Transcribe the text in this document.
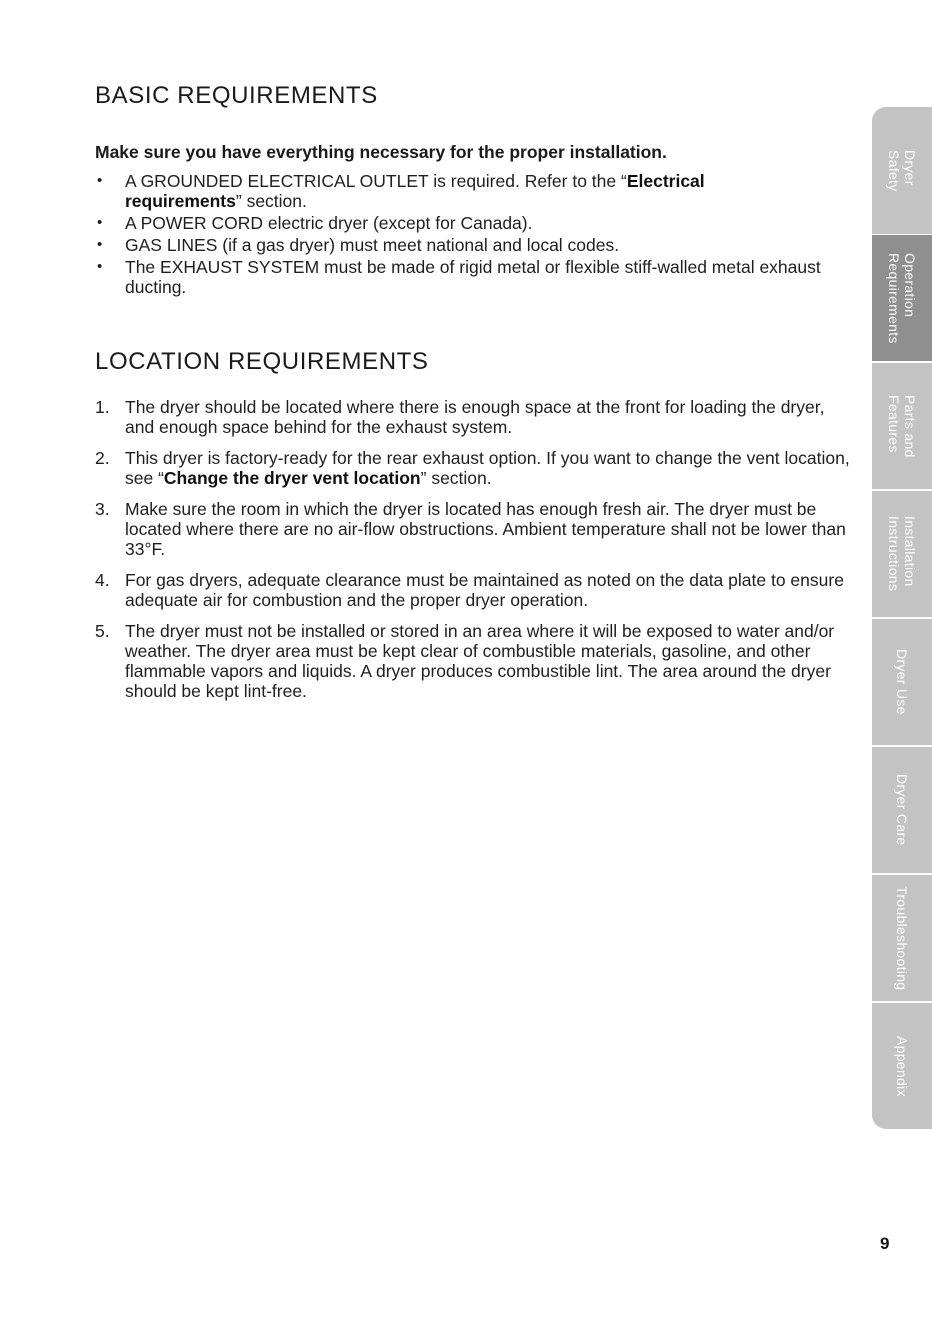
BASIC REQUIREMENTS

Make sure you have everything necessary for the proper installation.

• A GROUNDED ELECTRICAL OUTLET is required. Refer to the “Electrical requirements” section.
• A POWER CORD electric dryer (except for Canada).
• GAS LINES (if a gas dryer) must meet national and local codes.
• The EXHAUST SYSTEM must be made of rigid metal or flexible stiff-walled metal exhaust ducting.
LOCATION REQUIREMENTS
1. The dryer should be located where there is enough space at the front for loading the dryer, and enough space behind for the exhaust system.
2. This dryer is factory-ready for the rear exhaust option. If you want to change the vent location, see “Change the dryer vent location” section.
3. Make sure the room in which the dryer is located has enough fresh air. The dryer must be located where there are no air-flow obstructions. Ambient temperature shall not be lower than 33°F.
4. For gas dryers, adequate clearance must be maintained as noted on the data plate to ensure adequate air for combustion and the proper dryer operation.
5. The dryer must not be installed or stored in an area where it will be exposed to water and/or weather. The dryer area must be kept clear of combustible materials, gasoline, and other flammable vapors and liquids. A dryer produces combustible lint. The area around the dryer should be kept lint-free.
Dryer
Safety
Operation
Requirements
Parts and
Features
Installation
Instructions
Dryer Use
Dryer Care
Troubleshooting
Appendix
9
